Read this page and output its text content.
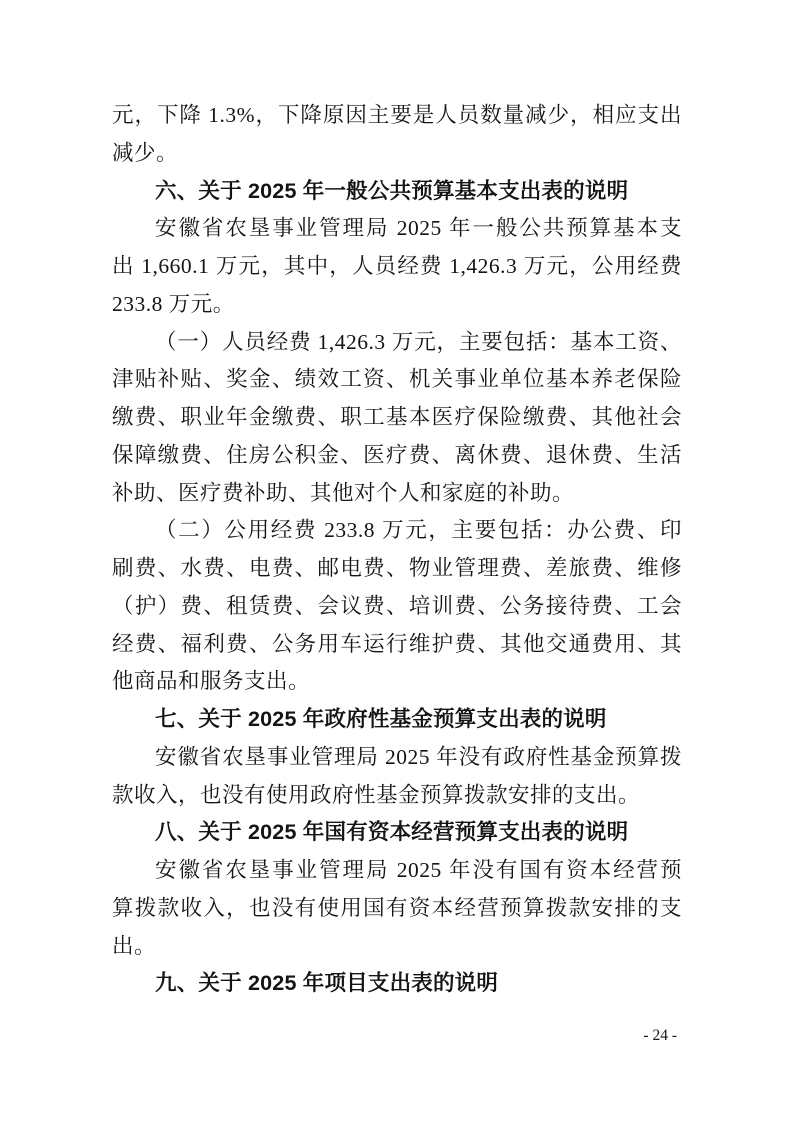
元，下降 1.3%，下降原因主要是人员数量减少，相应支出
减少。
六、关于 2025 年一般公共预算基本支出表的说明
安徽省农垦事业管理局 2025 年一般公共预算基本支
出 1,660.1 万元，其中，人员经费 1,426.3 万元，公用经费
233.8 万元。
（一）人员经费 1,426.3 万元，主要包括：基本工资、
津贴补贴、奖金、绩效工资、机关事业单位基本养老保险
缴费、职业年金缴费、职工基本医疗保险缴费、其他社会
保障缴费、住房公积金、医疗费、离休费、退休费、生活
补助、医疗费补助、其他对个人和家庭的补助。
（二）公用经费 233.8 万元，主要包括：办公费、印
刷费、水费、电费、邮电费、物业管理费、差旅费、维修
（护）费、租赁费、会议费、培训费、公务接待费、工会
经费、福利费、公务用车运行维护费、其他交通费用、其
他商品和服务支出。
七、关于 2025 年政府性基金预算支出表的说明
安徽省农垦事业管理局 2025 年没有政府性基金预算拨
款收入，也没有使用政府性基金预算拨款安排的支出。
八、关于 2025 年国有资本经营预算支出表的说明
安徽省农垦事业管理局 2025 年没有国有资本经营预
算拨款收入，也没有使用国有资本经营预算拨款安排的支
出。
九、关于 2025 年项目支出表的说明
- 24 -
